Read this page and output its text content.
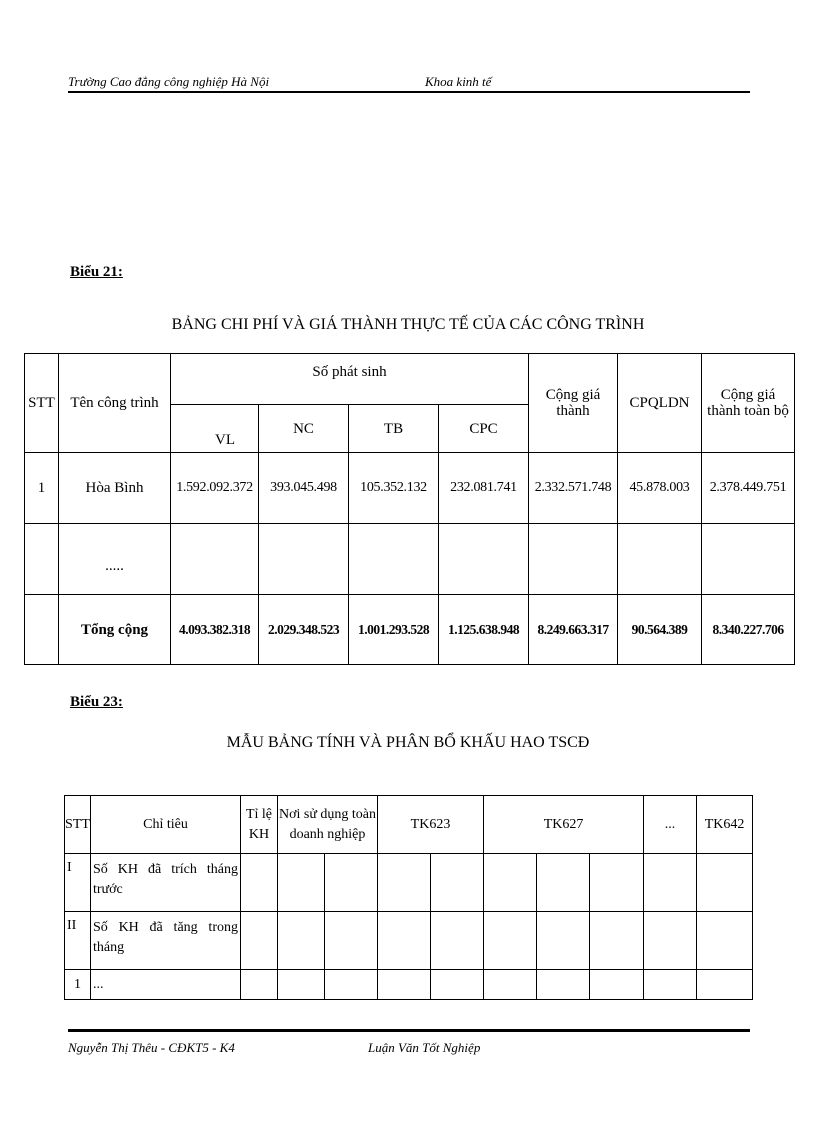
Trường Cao đẳng công nghiệp Hà Nội	Khoa kinh tế
Biểu 21:
BẢNG CHI PHÍ VÀ GIÁ THÀNH THỰC TẾ CỦA CÁC CÔNG TRÌNH
STT	Tên công trình	Số phát sinh				Cộng giá thành	CPQLDN	Cộng giá thành toàn bộ
		VL	NC	TB	CPC			
1	Hòa Bình	1.592.092.372	393.045.498	105.352.132	232.081.741	2.332.571.748	45.878.003	2.378.449.751
	.....							
	Tổng cộng	4.093.382.318	2.029.348.523	1.001.293.528	1.125.638.948	8.249.663.317	90.564.389	8.340.227.706
Biểu 23:
MẪU BẢNG TÍNH VÀ PHÂN BỔ KHẤU HAO TSCĐ
STT	Chỉ tiêu	Tỉ lệ KH	Nơi sử dụng toàn doanh nghiệp		TK623		TK627			...	TK642
I	Số KH đã trích tháng trước										
II	Số KH đã tăng trong tháng										
1	...										
Nguyễn Thị Thêu - CĐKT5 - K4	Luận Văn Tốt Nghiệp
